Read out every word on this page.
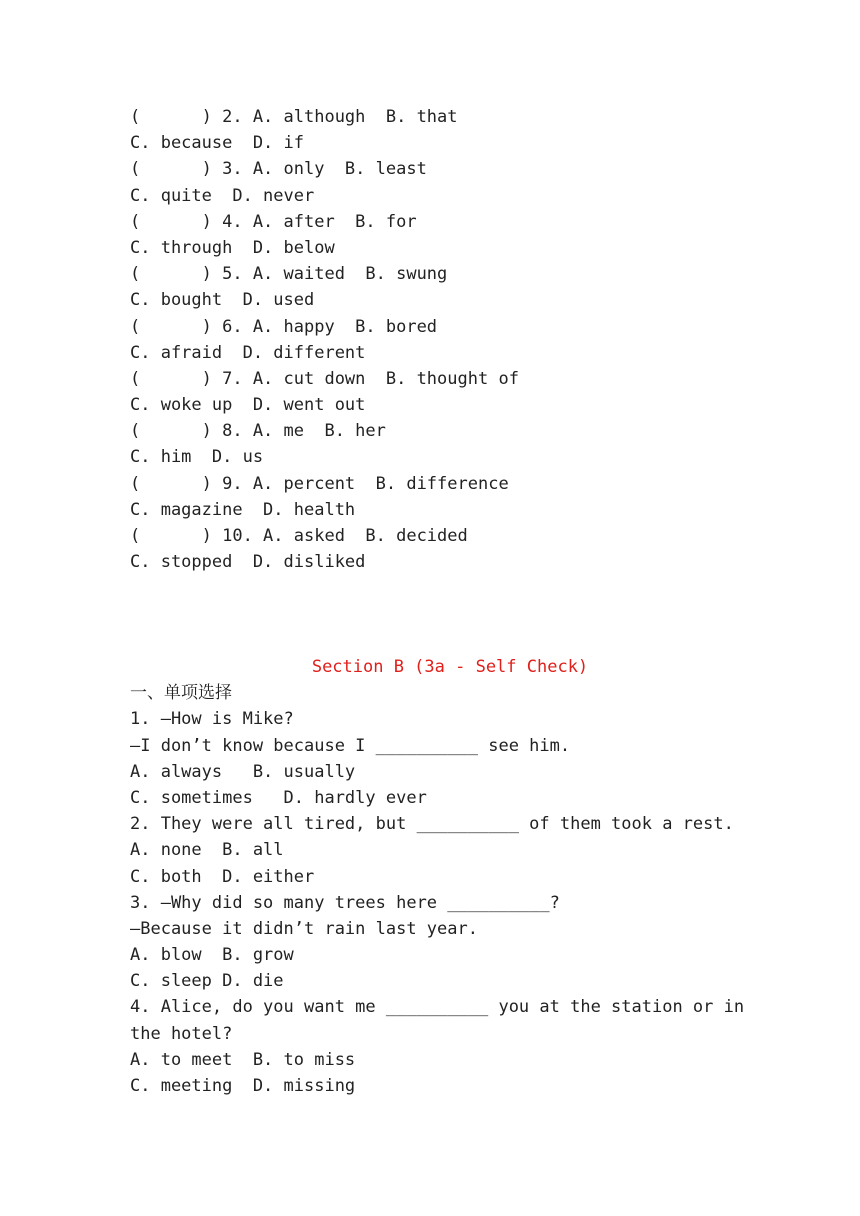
(      ) 2. A. although  B. that
C. because  D. if
(      ) 3. A. only  B. least
C. quite  D. never
(      ) 4. A. after  B. for
C. through  D. below
(      ) 5. A. waited  B. swung
C. bought  D. used
(      ) 6. A. happy  B. bored
C. afraid  D. different
(      ) 7. A. cut down  B. thought of
C. woke up  D. went out
(      ) 8. A. me  B. her
C. him  D. us
(      ) 9. A. percent  B. difference
C. magazine  D. health
(      ) 10. A. asked  B. decided
C. stopped  D. disliked
Section B (3a - Self Check)
一、单项选择
1. —How is Mike?
—I don’t know because I __________ see him.
A. always   B. usually
C. sometimes   D. hardly ever
2. They were all tired, but __________ of them took a rest.
A. none  B. all
C. both  D. either
3. —Why did so many trees here __________?
—Because it didn’t rain last year.
A. blow  B. grow
C. sleep D. die
4. Alice, do you want me __________ you at the station or in
the hotel?
A. to meet  B. to miss
C. meeting  D. missing
